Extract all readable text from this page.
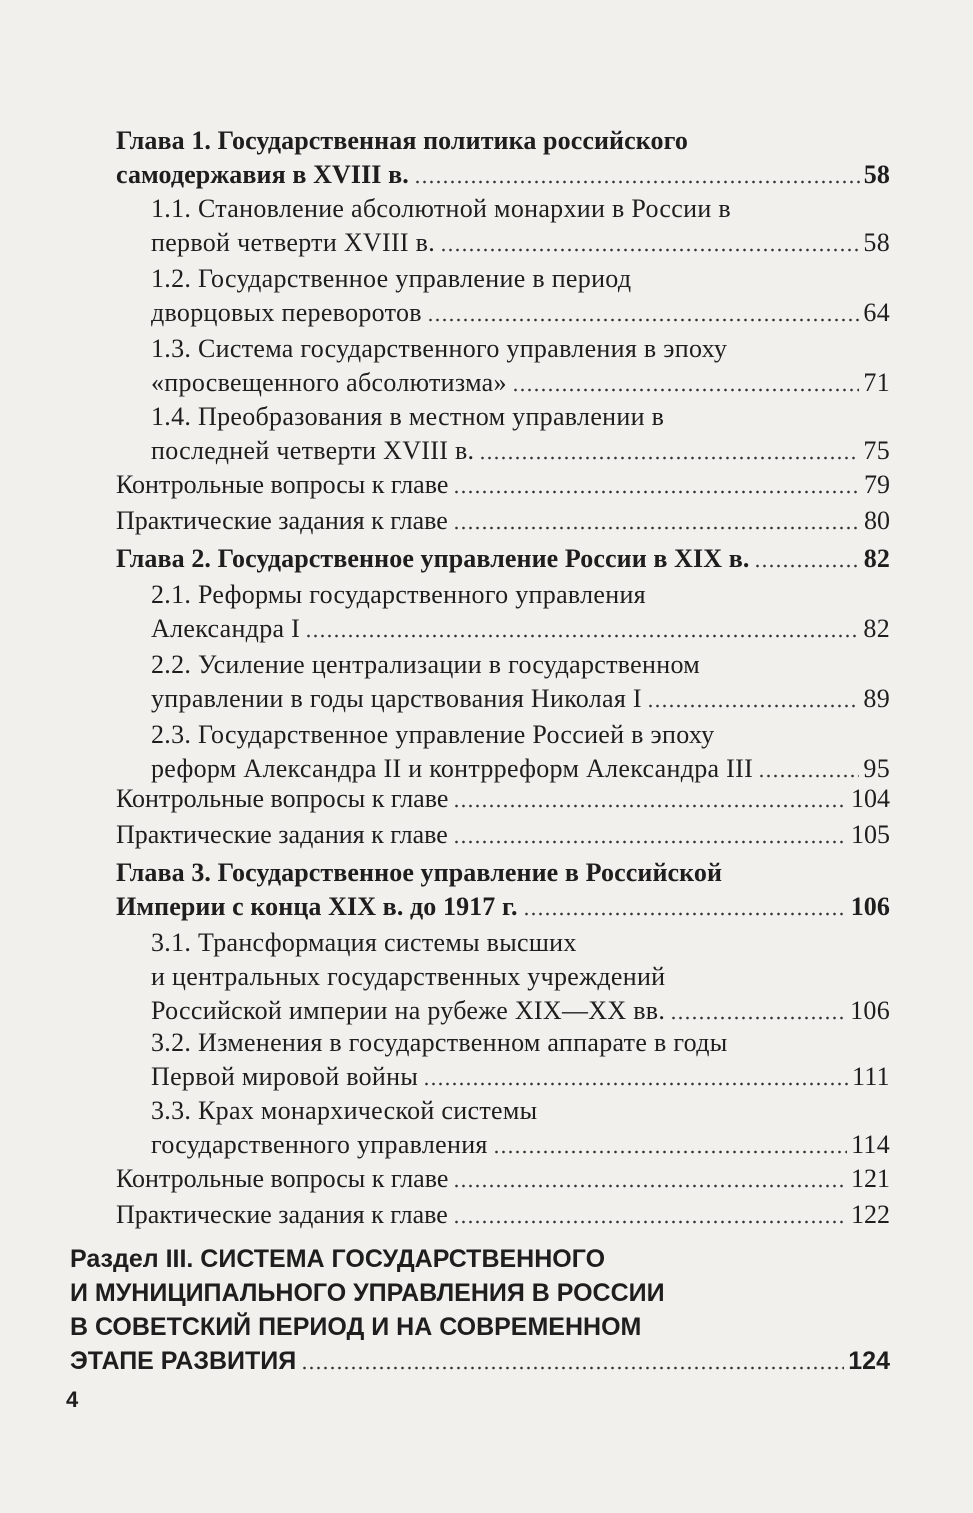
Глава 1. Государственная политика российского
самодержавия в XVIII в.	58
1.1. Становление абсолютной монархии в России в
первой четверти XVIII в.	58
1.2. Государственное управление в период
дворцовых переворотов	64
1.3. Система государственного управления в эпоху
«просвещенного абсолютизма»	71
1.4. Преобразования в местном управлении в
последней четверти XVIII в.	75
Контрольные вопросы к главе	79
Практические задания к главе	80
Глава 2. Государственное управление России в XIX в.	82
2.1. Реформы государственного управления
Александра I	82
2.2. Усиление централизации в государственном
управлении в годы царствования Николая I	89
2.3. Государственное управление Россией в эпоху
реформ Александра II и контрреформ Александра III	95
Контрольные вопросы к главе	104
Практические задания к главе	105
Глава 3. Государственное управление в Российской
Империи с конца XIX в. до 1917 г.	106
3.1. Трансформация системы высших
и центральных государственных учреждений
Российской империи на рубеже XIX—XX вв.	106
3.2. Изменения в государственном аппарате в годы
Первой мировой войны	111
3.3. Крах монархической системы
государственного управления	114
Контрольные вопросы к главе	121
Практические задания к главе	122
Раздел III. СИСТЕМА ГОСУДАРСТВЕННОГО
И МУНИЦИПАЛЬНОГО УПРАВЛЕНИЯ В РОССИИ
В СОВЕТСКИЙ ПЕРИОД И НА СОВРЕМЕННОМ
ЭТАПЕ РАЗВИТИЯ	124
4
